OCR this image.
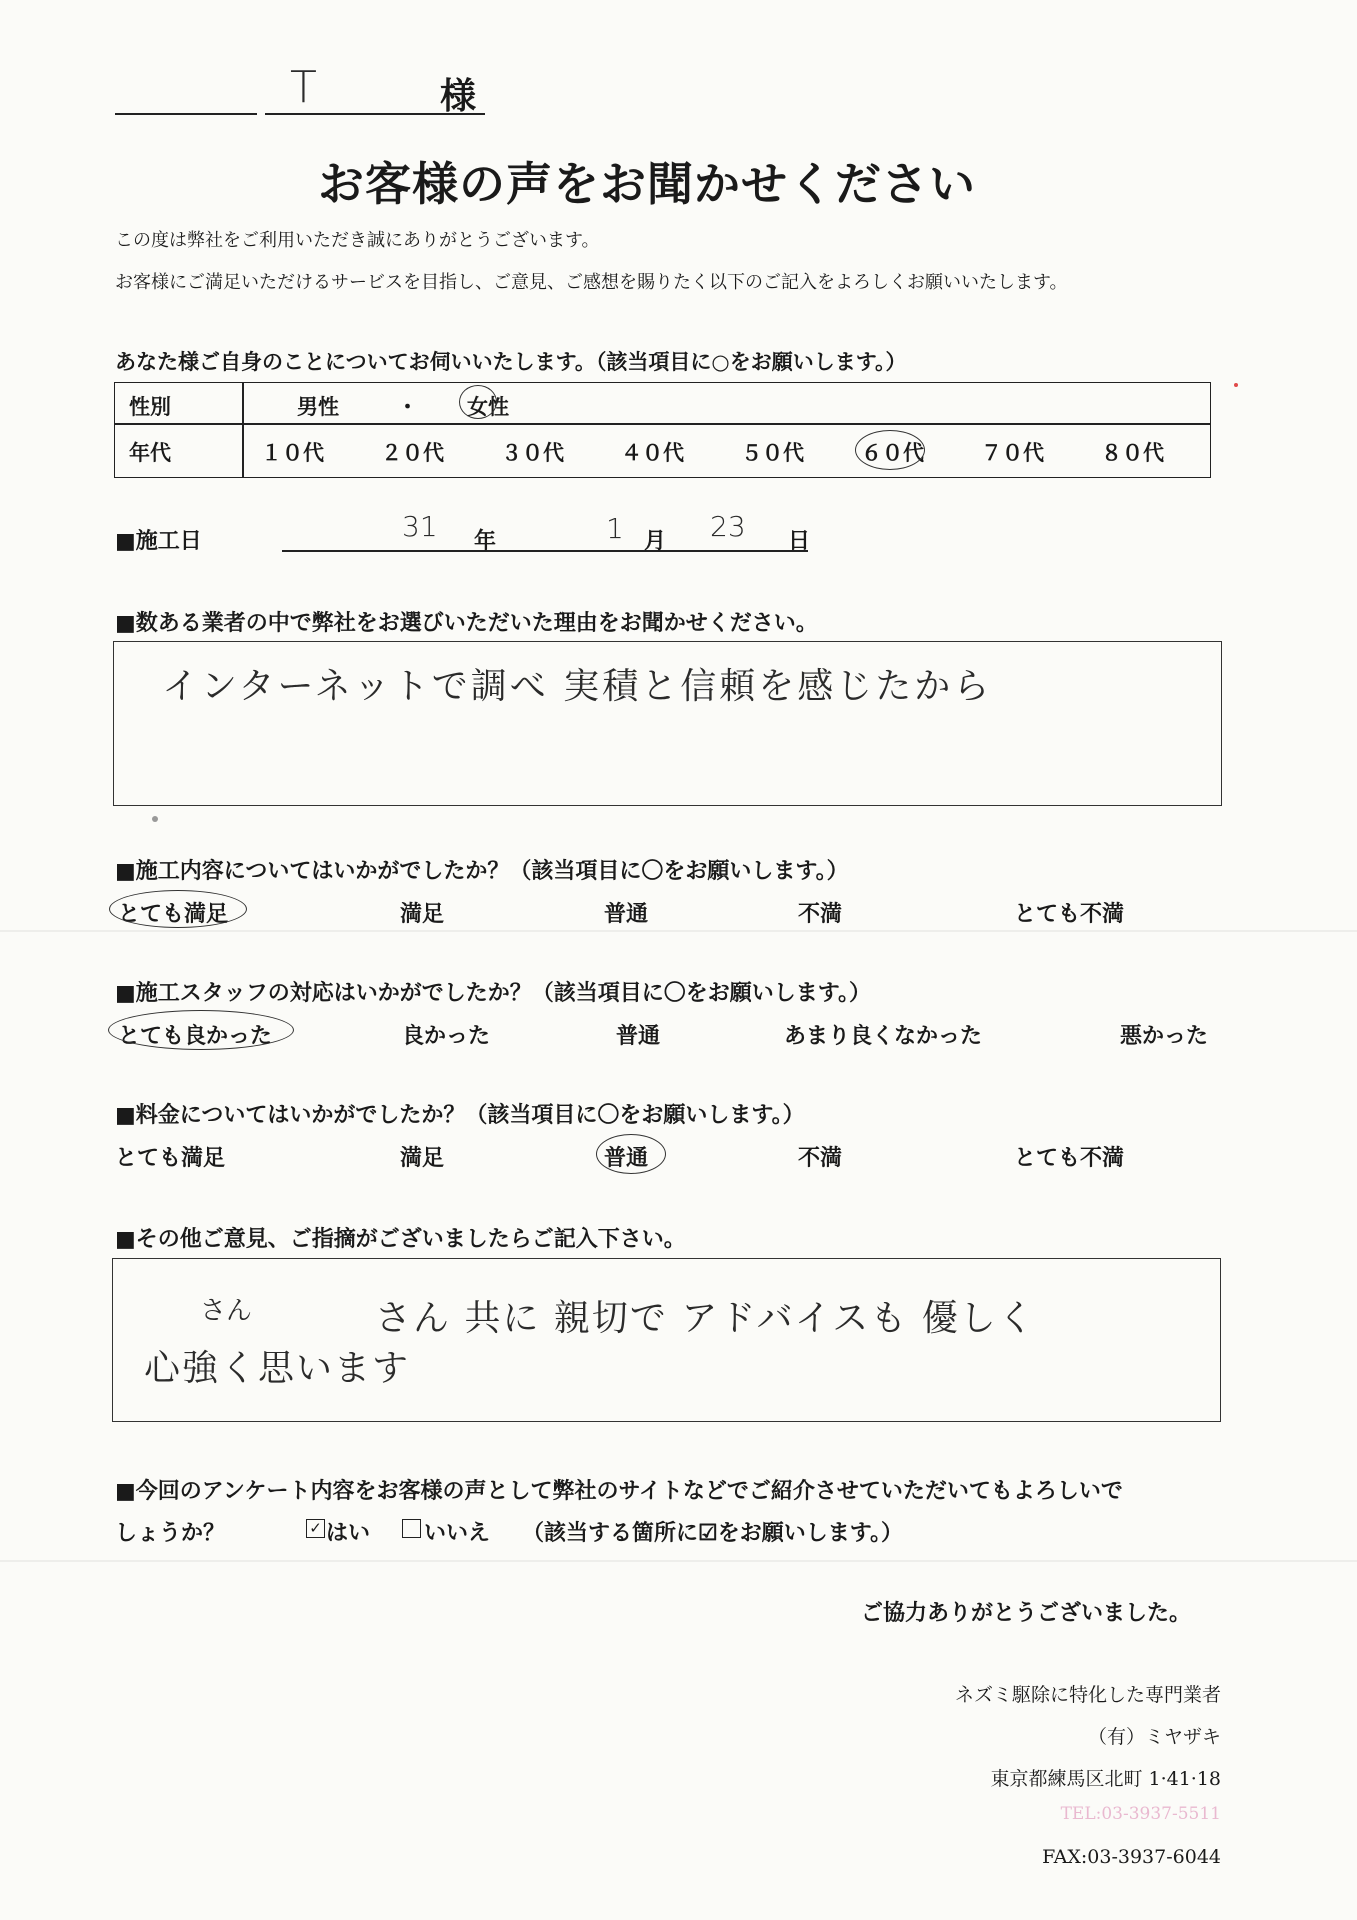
T	様
お客様の声をお聞かせください
この度は弊社をご利用いただき誠にありがとうございます。
お客様にご満足いただけるサービスを目指し、ご意見、ご感想を賜りたく以下のご記入をよろしくお願いいたします。
あなた様ご自身のことについてお伺いいたします。（該当項目に○をお願いします。）
性別	男性	・ 女性
年代	１０代	２０代	３０代	４０代	５０代	６０代	７０代	８０代
■施工日	31 年	1 月 23 日
■数ある業者の中で弊社をお選びいただいた理由をお聞かせください。
インターネットで調べ 実積と信頼を感じたから
■施工内容についてはいかがでしたか？（該当項目に〇をお願いします。）
とても満足	満足	普通	不満	とても不満
■施工スタッフの対応はいかがでしたか？（該当項目に〇をお願いします。）
とても良かった	良かった	普通	あまり良くなかった	悪かった
■料金についてはいかがでしたか？（該当項目に〇をお願いします。）
とても満足	満足	普通	不満	とても不満
■その他ご意見、ご指摘がございましたらご記入下さい。
さん	さん 共に 親切で アドバイスも 優しく
心強く思います
■今回のアンケート内容をお客様の声として弊社のサイトなどでご紹介させていただいてもよろしいで
しょうか？	✓ はい いいえ （該当する箇所に☑をお願いします。）
ご協力ありがとうございました。
ネズミ駆除に特化した専門業者
（有）ミヤザキ
東京都練馬区北町 1·41·18
TEL:03-3937-5511
FAX:03-3937-6044
